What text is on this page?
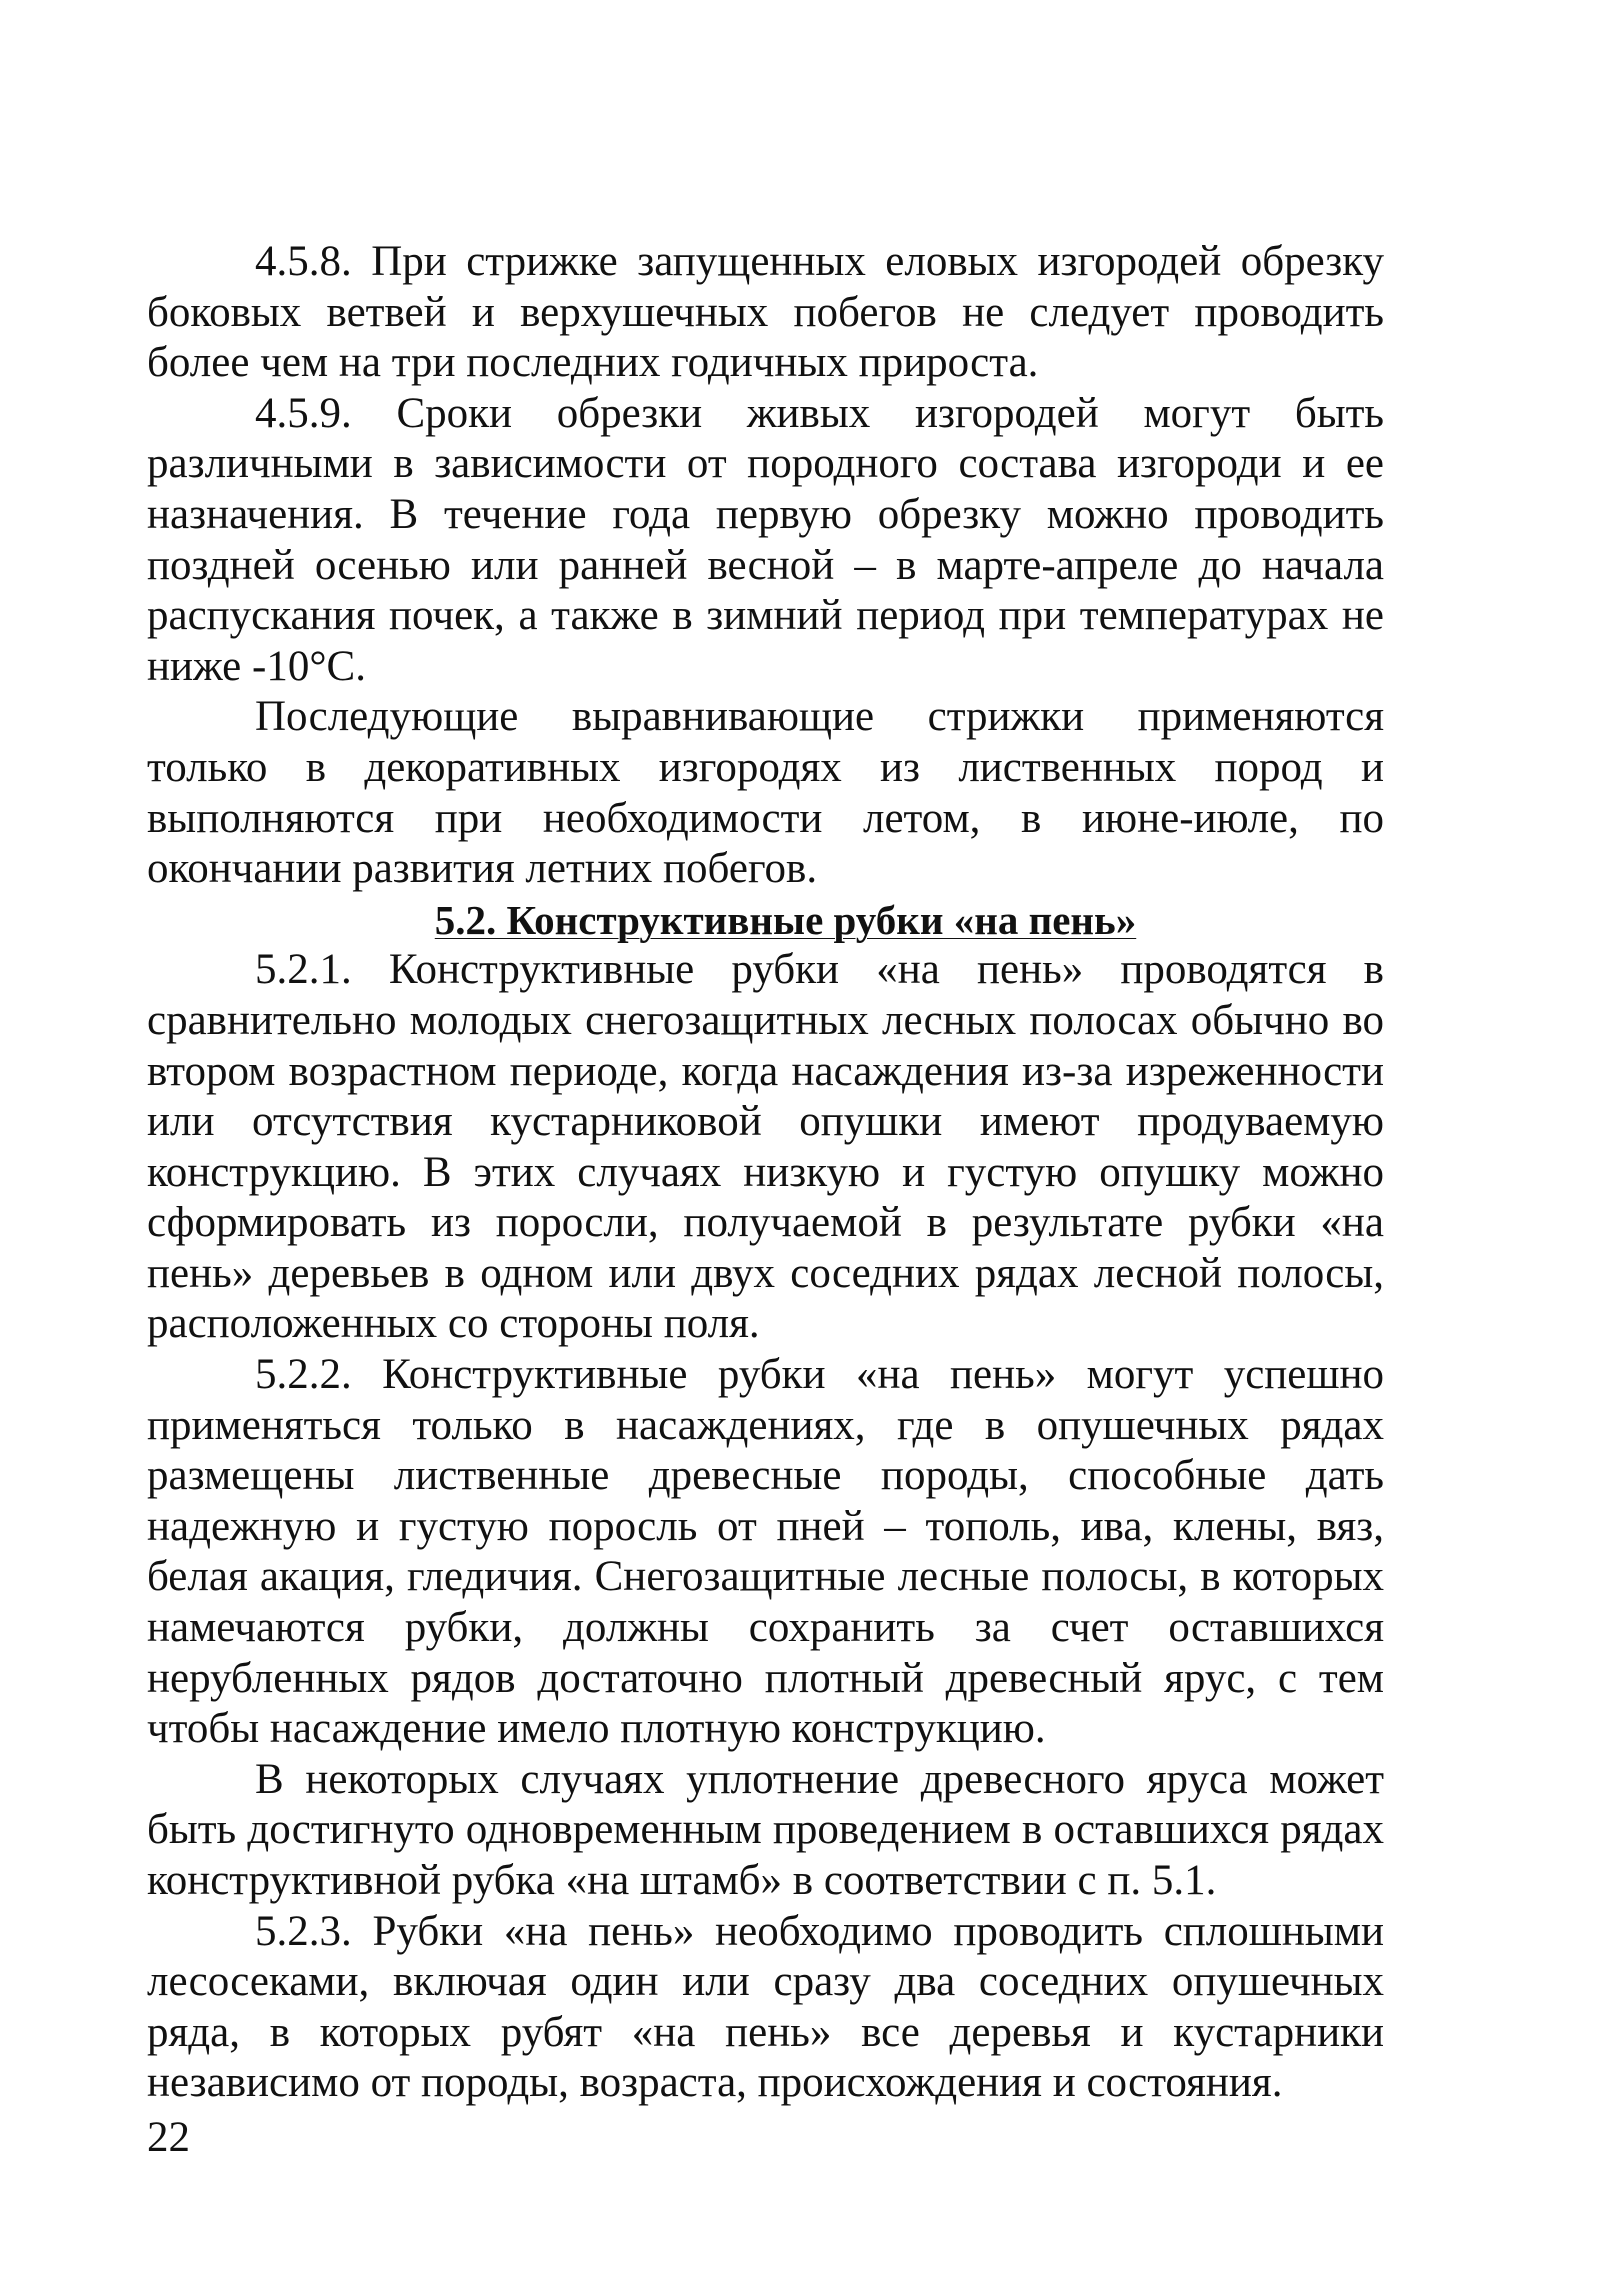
4.5.8. При стрижке запущенных еловых изгородей обрезку боковых ветвей и верхушечных побегов не следует проводить более чем на три последних годичных прироста.

4.5.9. Сроки обрезки живых изгородей могут быть различными в зависимости от породного состава изгороди и ее назначения. В течение года первую обрезку можно проводить поздней осенью или ранней весной – в марте-апреле до начала распускания почек, а также в зимний период при температурах не ниже -10°С.

Последующие выравнивающие стрижки применяются только в декоративных изгородях из лиственных пород и выполняются при необходимости летом, в июне-июле, по окончании развития летних побегов.

5.2. Конструктивные рубки «на пень»

5.2.1. Конструктивные рубки «на пень» проводятся в сравнительно молодых снегозащитных лесных полосах обычно во втором возрастном периоде, когда насаждения из-за изреженности или отсутствия кустарниковой опушки имеют продуваемую конструкцию. В этих случаях низкую и густую опушку можно сформировать из поросли, получаемой в результате рубки «на пень» деревьев в одном или двух соседних рядах лесной полосы, расположенных со стороны поля.

5.2.2. Конструктивные рубки «на пень» могут успешно применяться только в насаждениях, где в опушечных рядах размещены лиственные древесные породы, способные дать надежную и густую поросль от пней – тополь, ива, клены, вяз, белая акация, гледичия. Снегозащитные лесные полосы, в которых намечаются рубки, должны сохранить за счет оставшихся нерубленных рядов достаточно плотный древесный ярус, с тем чтобы насаждение имело плотную конструкцию.

В некоторых случаях уплотнение древесного яруса может быть достигнуто одновременным проведением в оставшихся рядах конструктивной рубка «на штамб» в соответствии с п. 5.1.

5.2.3. Рубки «на пень» необходимо проводить сплошными лесосеками, включая один или сразу два соседних опушечных ряда, в которых рубят «на пень» все деревья и кустарники независимо от породы, возраста, происхождения и состояния.

22
